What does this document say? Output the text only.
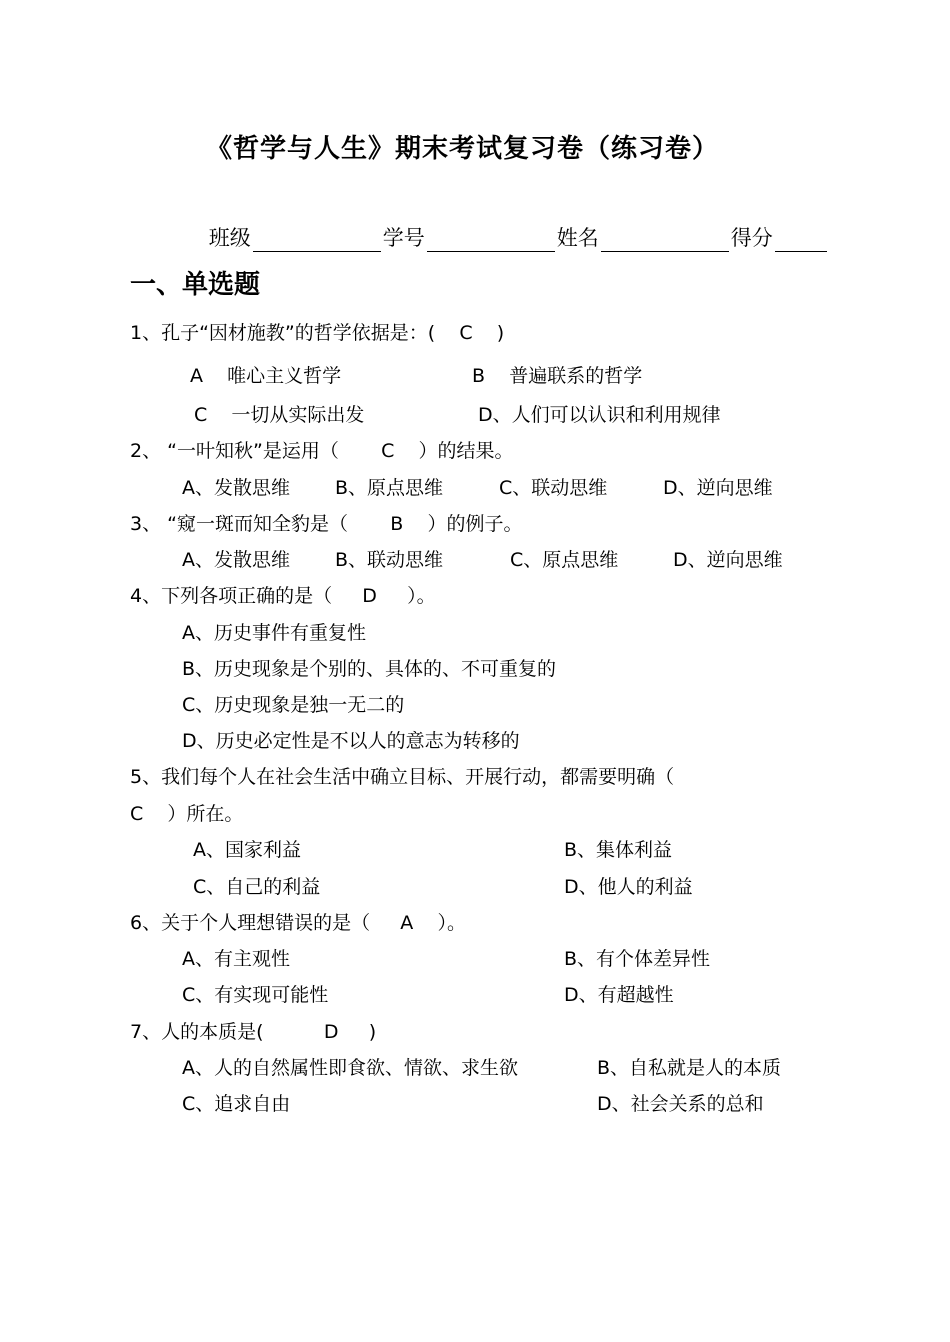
《哲学与人生》期末考试复习卷（练习卷）

班级	学号	姓名	得分

一、单选题
1、孔子“因材施教”的哲学依据是：(    C    )
A    唯心主义哲学	B    普遍联系的哲学
C    一切从实际出发	D、人们可以认识和利用规律
2、 “一叶知秋”是运用（       C    ）的结果。
A、发散思维 B、原点思维	C、联动思维	D、逆向思维
3、 “窥一斑而知全豹是（       B    ）的例子。
A、发散思维 B、联动思维	C、原点思维	D、逆向思维
4、下列各项正确的是（     D     ）。
A、历史事件有重复性
B、历史现象是个别的、具体的、不可重复的
C、历史现象是独一无二的
D、历史必定性是不以人的意志为转移的
5、我们每个人在社会生活中确立目标、开展行动，都需要明确（
C    ）所在。
A、国家利益	B、集体利益
C、自己的利益	D、他人的利益
6、关于个人理想错误的是（     A    ）。
A、有主观性	B、有个体差异性
C、有实现可能性	D、有超越性
7、人的本质是(          D     )
A、人的自然属性即食欲、情欲、求生欲	B、自私就是人的本质
C、追求自由	D、社会关系的总和
